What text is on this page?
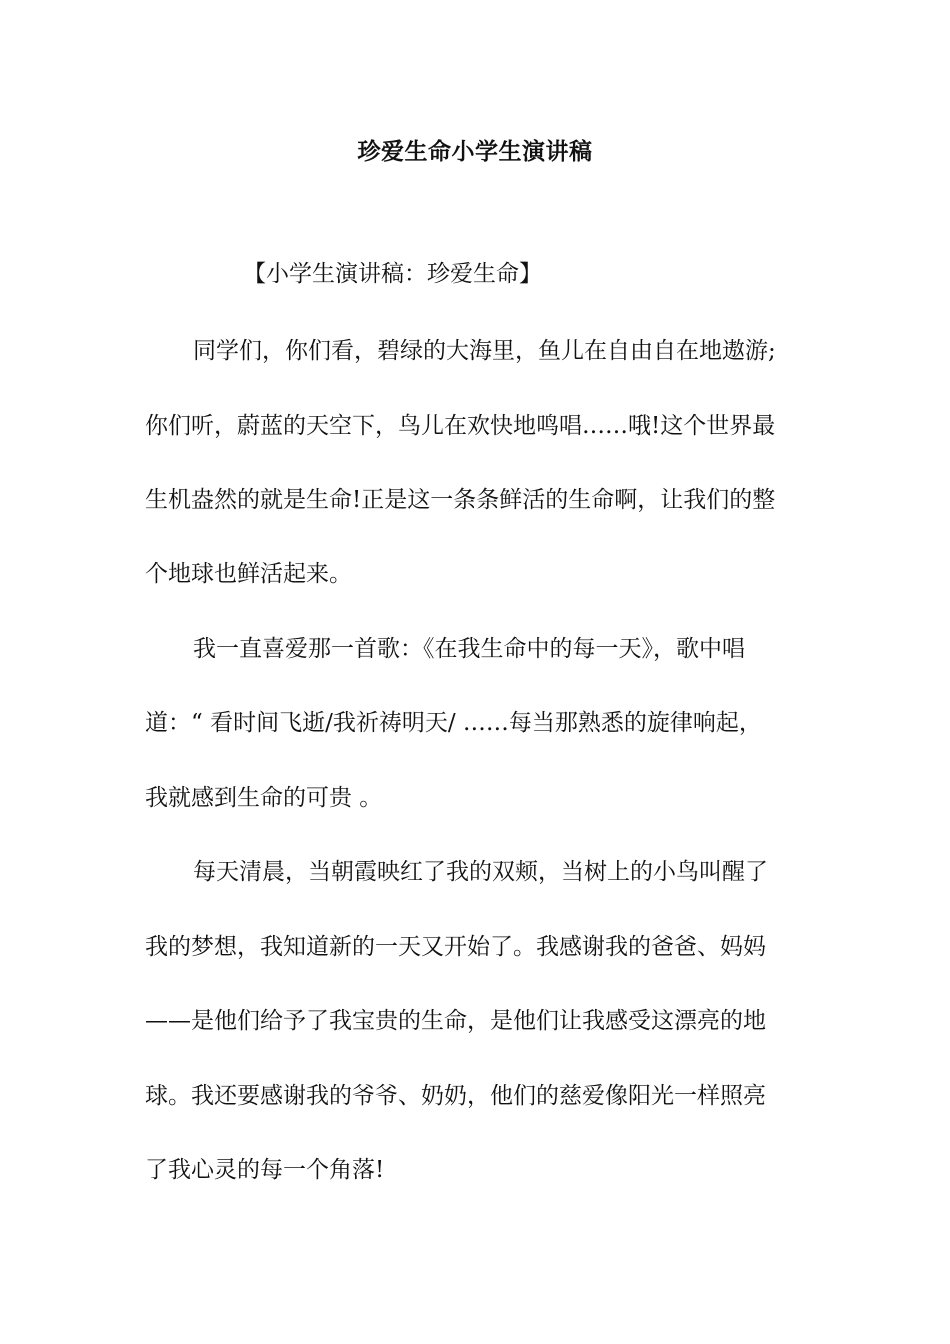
珍爱生命小学生演讲稿
【小学生演讲稿：珍爱生命】
同学们，你们看，碧绿的大海里，鱼儿在自由自在地遨游;
你们听，蔚蓝的天空下，鸟儿在欢快地鸣唱……哦!这个世界最
生机盎然的就是生命!正是这一条条鲜活的生命啊，让我们的整
个地球也鲜活起来。
我一直喜爱那一首歌：《在我生命中的每一天》，歌中唱
道：“ 看时间飞逝/我祈祷明天/ ……每当那熟悉的旋律响起，
我就感到生命的可贵 。
每天清晨，当朝霞映红了我的双颊，当树上的小鸟叫醒了
我的梦想，我知道新的一天又开始了。我感谢我的爸爸、妈妈
——是他们给予了我宝贵的生命，是他们让我感受这漂亮的地
球。我还要感谢我的爷爷、奶奶，他们的慈爱像阳光一样照亮
了我心灵的每一个角落!
